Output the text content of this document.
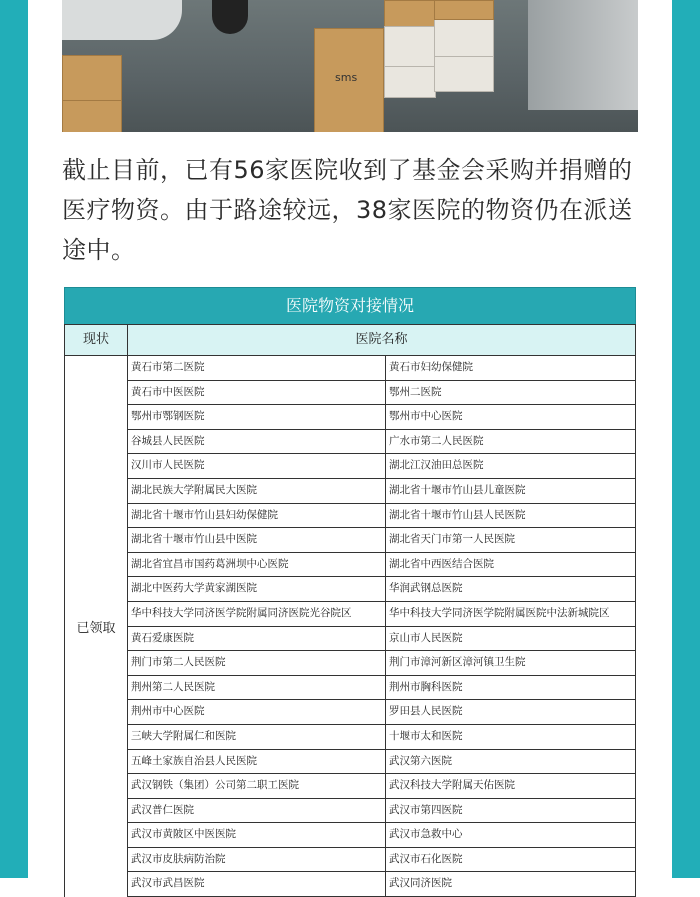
sms
截止目前，已有56家医院收到了基金会采购并捐赠的医疗物资。由于路途较远，38家医院的物资仍在派送途中。
医院物资对接情况
现状	医院名称
已领取
黄石市第二医院	黄石市妇幼保健院
黄石市中医医院	鄂州二医院
鄂州市鄂钢医院	鄂州市中心医院
谷城县人民医院	广水市第二人民医院
汉川市人民医院	湖北江汉油田总医院
湖北民族大学附属民大医院	湖北省十堰市竹山县儿童医院
湖北省十堰市竹山县妇幼保健院	湖北省十堰市竹山县人民医院
湖北省十堰市竹山县中医院	湖北省天门市第一人民医院
湖北省宜昌市国药葛洲坝中心医院	湖北省中西医结合医院
湖北中医药大学黄家湖医院	华润武钢总医院
华中科技大学同济医学院附属同济医院光谷院区	华中科技大学同济医学院附属医院中法新城院区
黄石爱康医院	京山市人民医院
荆门市第二人民医院	荆门市漳河新区漳河镇卫生院
荆州第二人民医院	荆州市胸科医院
荆州市中心医院	罗田县人民医院
三峡大学附属仁和医院	十堰市太和医院
五峰土家族自治县人民医院	武汉第六医院
武汉钢铁（集团）公司第二职工医院	武汉科技大学附属天佑医院
武汉普仁医院	武汉市第四医院
武汉市黄陂区中医医院	武汉市急救中心
武汉市皮肤病防治院	武汉市石化医院
武汉市武昌医院	武汉同济医院
